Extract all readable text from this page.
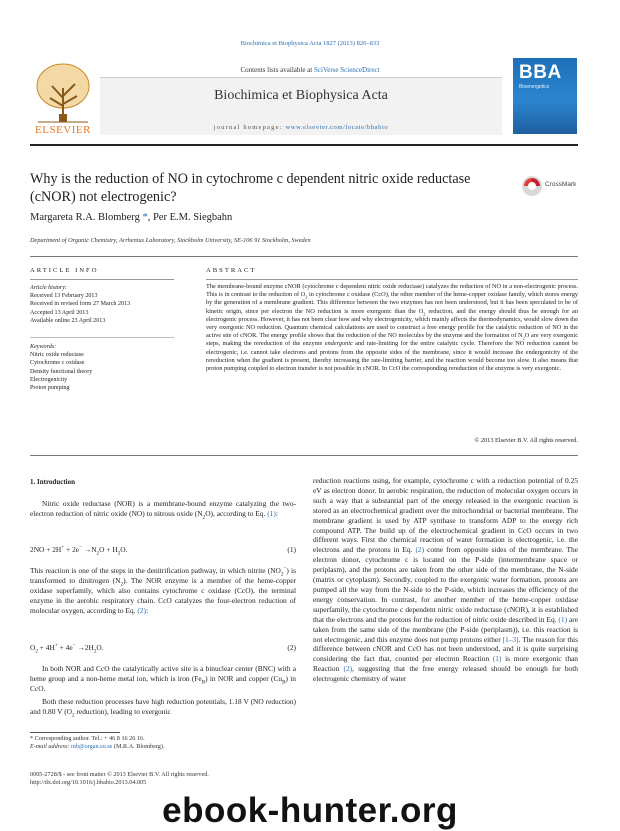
Biochimica et Biophysica Acta 1827 (2013) 826–833
ELSEVIER
Contents lists available at SciVerse ScienceDirect
Biochimica et Biophysica Acta
journal homepage: www.elsevier.com/locate/bbabio
BBA
Bioenergetics
Why is the reduction of NO in cytochrome c dependent nitric oxide reductase (cNOR) not electrogenic?
CrossMark
Margareta R.A. Blomberg *, Per E.M. Siegbahn
Department of Organic Chemistry, Arrhenius Laboratory, Stockholm University, SE-106 91 Stockholm, Sweden
ARTICLE INFO
Article history:
Received 13 February 2013
Received in revised form 27 March 2013
Accepted 13 April 2013
Available online 23 April 2013
Keywords:
Nitric oxide reductase
Cytochrome c oxidase
Density functional theory
Electrogenicity
Proton pumping
ABSTRACT
The membrane-bound enzyme cNOR (cytochrome c dependent nitric oxide reductase) catalyzes the reduction of NO in a non-electrogenic process. This is in contrast to the reduction of $O_2$ in cytochrome c oxidase (CcO), the other member of the heme-copper oxidase family, which stores energy by the generation of a membrane gradient. This difference between the two enzymes has not been understood, but it has been speculated to be of kinetic origin, since per electron the NO reduction is more exergonic than the $O_2$ reduction, and the energy should thus be enough for an electrogenic process. However, it has not been clear how and why electrogenicity, which mainly affects the thermodynamics, would slow down the very exergonic NO reduction. Quantum chemical calculations are used to construct a free energy profile for the catalytic reduction of NO in the active site of cNOR. The energy profile shows that the reduction of the NO molecules by the enzyme and the formation of $N_2O$ are very exergonic steps, making the rereduction of the enzyme endergonic and rate-limiting for the entire catalytic cycle. Therefore the NO reduction cannot be electrogenic, i.e. cannot take electrons and protons from the opposite sides of the membrane, since it would increase the endergonicity of the rereduction when the gradient is present, thereby increasing the rate-limiting barrier, and the reaction would become too slow. It also means that proton pumping coupled to electron transfer is not possible in cNOR. In CcO the corresponding rereduction of the enzyme is very exergonic.
© 2013 Elsevier B.V. All rights reserved.
1. Introduction
Nitric oxide reductase (NOR) is a membrane-bound enzyme catalyzing the two-electron reduction of nitric oxide (NO) to nitrous oxide $(N_2O)$, according to Eq. (1):
$2NO + 2H^+ + 2e^- \to N_2O + H_2O$.	(1)
This reaction is one of the steps in the denitrification pathway, in which nitrite $(NO_2^-)$ is transformed to dinitrogen $(N_2)$. The NOR enzyme is a member of the heme-copper oxidase superfamily, which also contains cytochrome c oxidase (CcO), the terminal enzyme in the aerobic respiratory chain. CcO catalyzes the four-electron reduction of molecular oxygen, according to Eq. (2):
$O_2 + 4H^+ + 4e^- \to 2H_2O$.	(2)
In both NOR and CcO the catalytically active site is a binuclear center (BNC) with a heme group and a non-heme metal ion, which is iron $(Fe_B)$ in NOR and copper $(Cu_B)$ in CcO.
Both these reduction processes have high reduction potentials, 1.18 V (NO reduction) and 0.80 V ($O_2$ reduction), leading to exergonic
reduction reactions using, for example, cytochrome c with a reduction potential of 0.25 eV as electron donor. In aerobic respiration, the reduction of molecular oxygen occurs in such a way that a substantial part of the energy released in the exergonic reaction is stored as an electrochemical gradient over the mitochondrial or bacterial membrane. The membrane gradient is used by ATP synthase to transform ADP to the energy rich compound ATP. The build up of the electrochemical gradient in CcO occurs in two different ways. First the chemical reaction of water formation is electrogenic, i.e. the electrons and the protons in Eq. (2) come from opposite sides of the membrane. The electron donor, cytochrome c is located on the P-side (intermembrane space or periplasm), and the protons are taken from the other side of the membrane, the N-side (matrix or cytoplasm). Secondly, coupled to the exergonic water formation, protons are pumped all the way from the N-side to the P-side, which increases the efficiency of the energy conservation. In contrast, for another member of the heme-copper oxidase superfamily, the cytochrome c dependent nitric oxide reductase (cNOR), it is established that the electrons and the protons for the reduction of nitric oxide described in Eq. (1) are taken from the same side of the membrane (the P-side (periplasm)), i.e. this reaction is not electrogenic, and this enzyme does not pump protons either [1–3]. The reason for this difference between cNOR and CcO has not been understood, and it is quite surprising considering the fact that, counted per electron Reaction (1) is more exergonic than Reaction (2), suggesting that the free energy released should be enough for both electrogenic chemistry of water
* Corresponding author. Tel.: + 46 8 16 26 16.
E-mail address: mb@organ.su.se (M.R.A. Blomberg).
0005-2728/$ - see front matter © 2013 Elsevier B.V. All rights reserved.
http://dx.doi.org/10.1016/j.bbabio.2013.04.005
ebook-hunter.org
